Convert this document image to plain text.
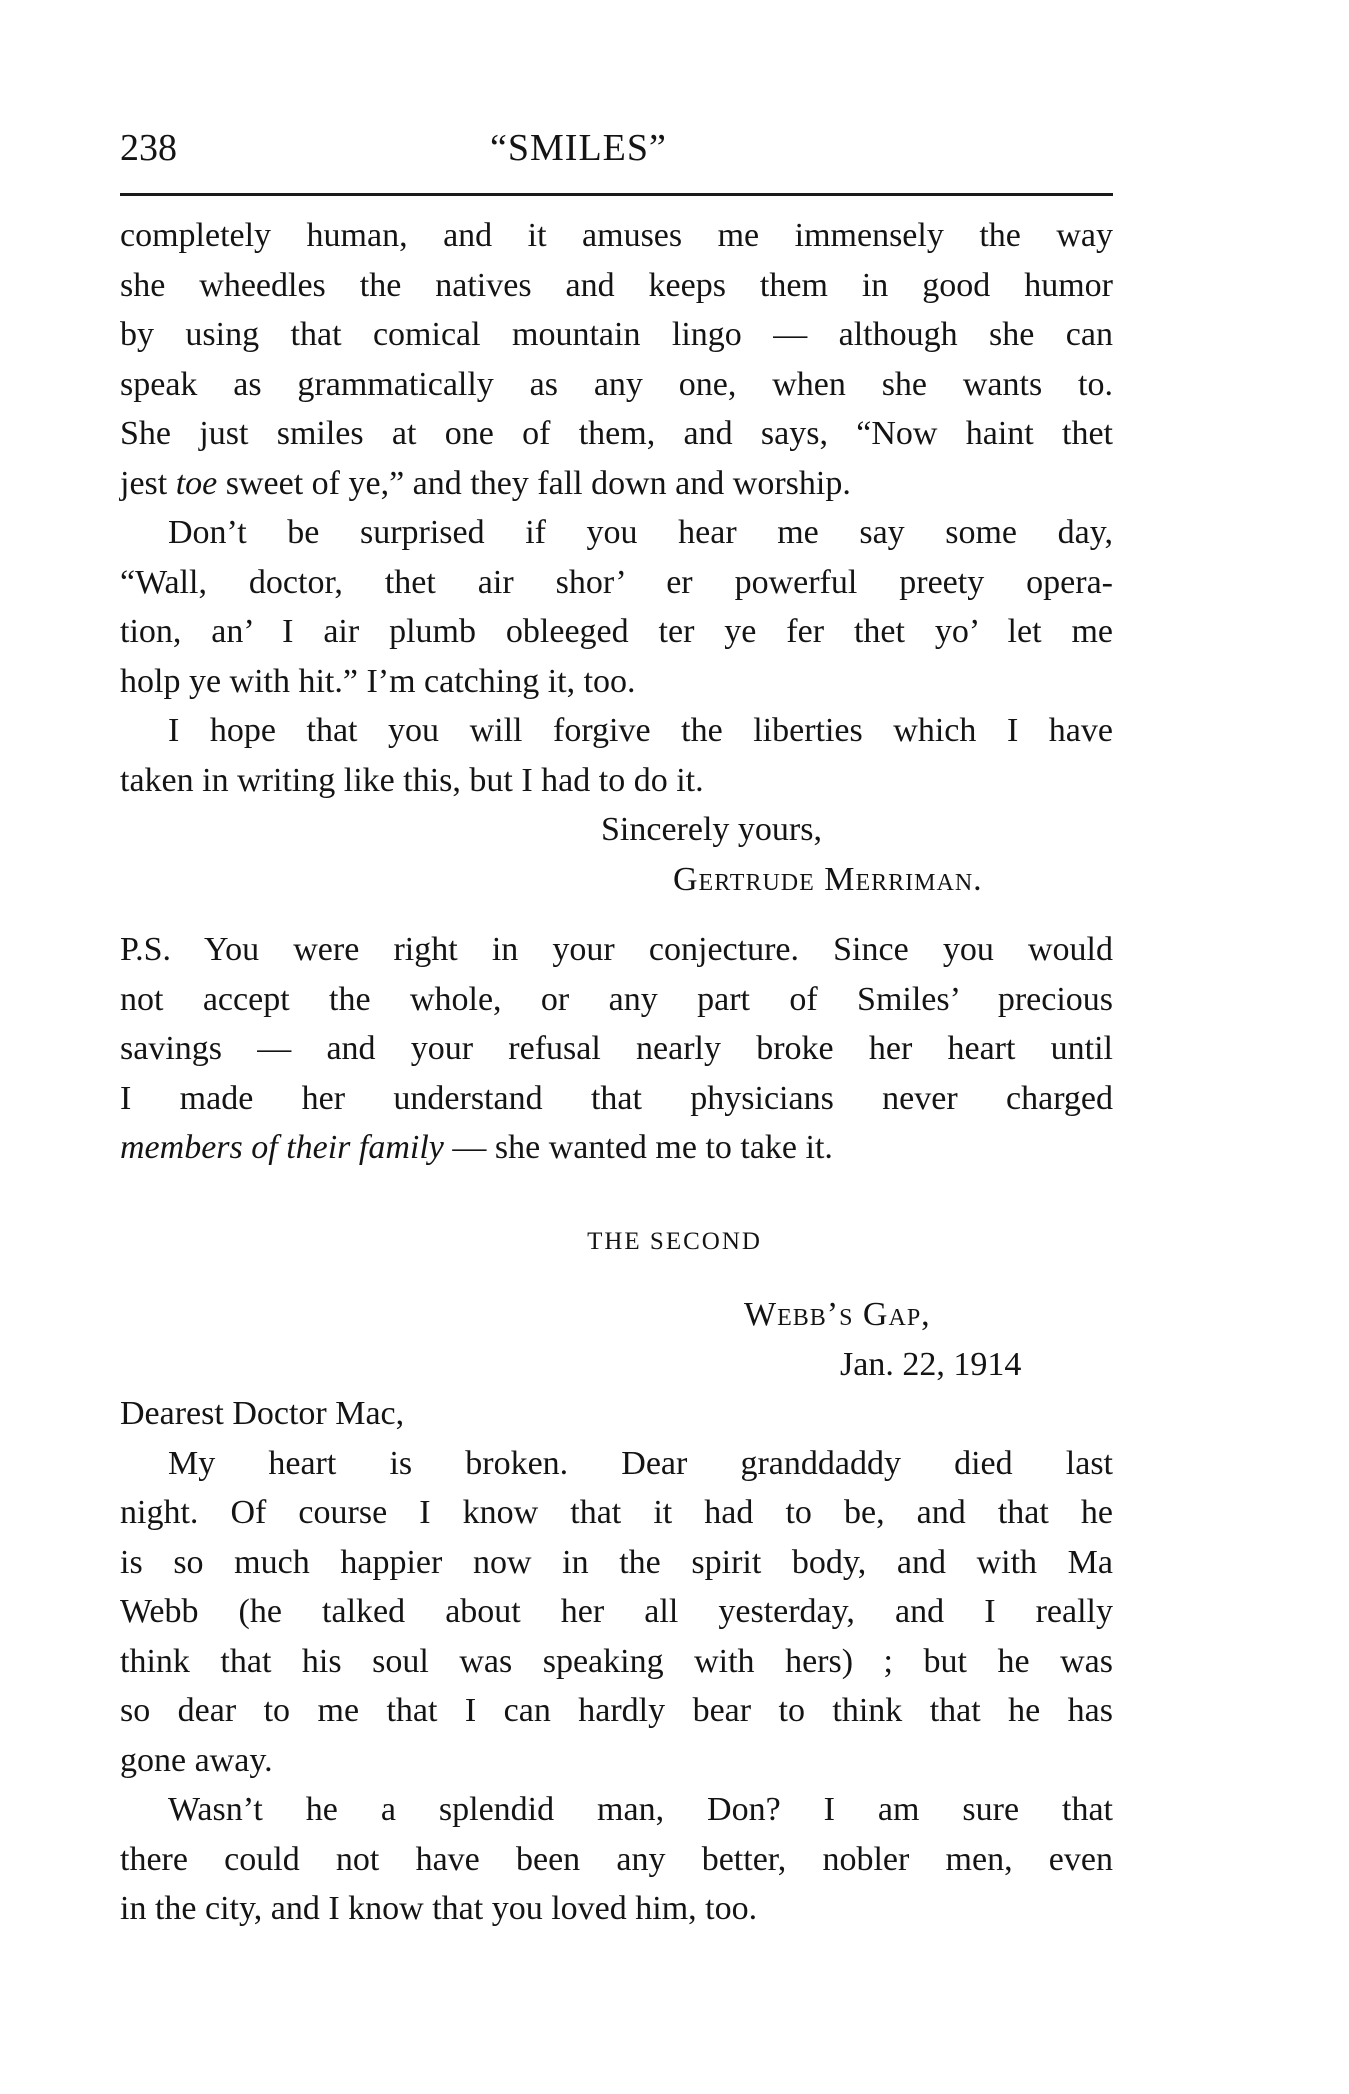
238	“SMILES”
completely human, and it amuses me immensely the way
she wheedles the natives and keeps them in good humor
by using that comical mountain lingo — although she can
speak as grammatically as any one, when she wants to.
She just smiles at one of them, and says, “Now haint thet
jest toe sweet of ye,” and they fall down and worship.
Don’t be surprised if you hear me say some day,
“Wall, doctor, thet air shor’ er powerful preety opera-
tion, an’ I air plumb obleeged ter ye fer thet yo’ let me
holp ye with hit.” I’m catching it, too.
I hope that you will forgive the liberties which I have
taken in writing like this, but I had to do it.
Sincerely yours,
Gertrude Merriman.
P.S. You were right in your conjecture. Since you would
not accept the whole, or any part of Smiles’ precious
savings — and your refusal nearly broke her heart until
I made her understand that physicians never charged
members of their family — she wanted me to take it.
THE SECOND
Webb’s Gap,
Jan. 22, 1914
Dearest Doctor Mac,
My heart is broken. Dear granddaddy died last
night. Of course I know that it had to be, and that he
is so much happier now in the spirit body, and with Ma
Webb (he talked about her all yesterday, and I really
think that his soul was speaking with hers) ; but he was
so dear to me that I can hardly bear to think that he has
gone away.
Wasn’t he a splendid man, Don? I am sure that
there could not have been any better, nobler men, even
in the city, and I know that you loved him, too.
